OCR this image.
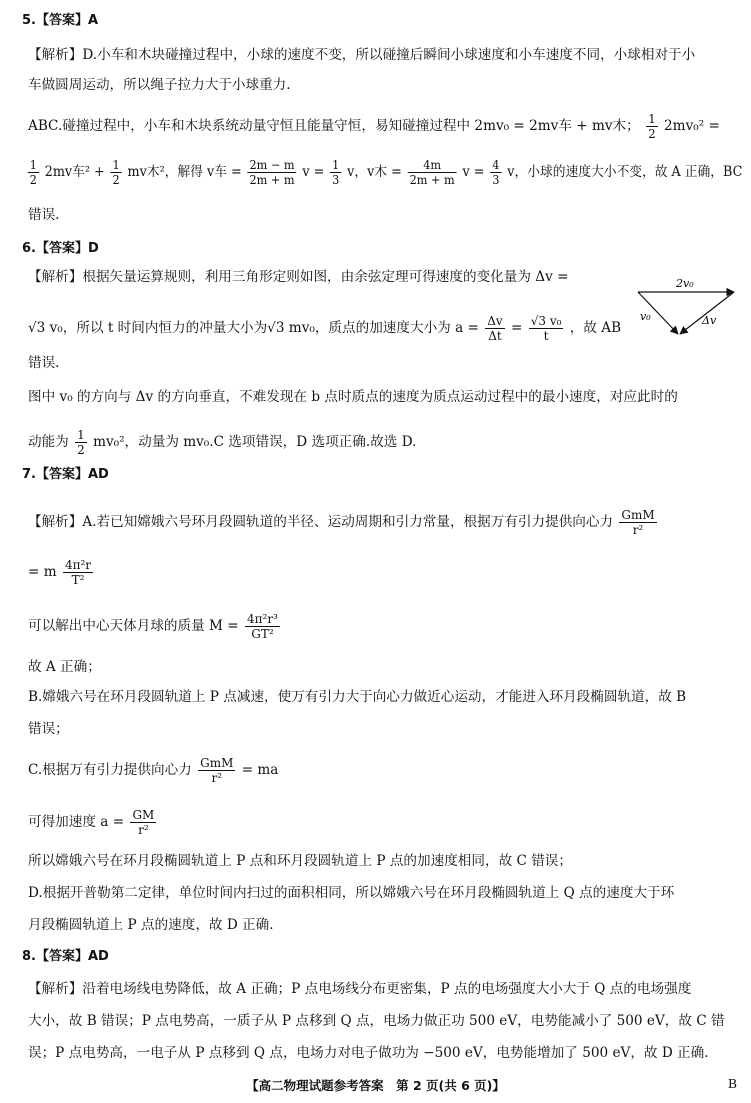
5.【答案】A
【解析】D.小车和木块碰撞过程中，小球的速度不变，所以碰撞后瞬间小球速度和小车速度不同，小球相对于小
车做圆周运动，所以绳子拉力大于小球重力.
ABC.碰撞过程中，小车和木块系统动量守恒且能量守恒，易知碰撞过程中 2mv₀ = 2mv车 + mv木； $\frac{1}{2} 2mv_0^2$ =
$\frac{1}{2} 2mv$车$^2 + \frac{1}{2}$ mv木²，解得 v车 = $\frac{2m - m}{2m + m}$ $v = \frac{1}{3}$ v，v木 = $\frac{4m}{2m + m}$ $v = \frac{4}{3}$ v，小球的速度大小不变，故 A 正确，BC
错误.
6.【答案】D
【解析】根据矢量运算规则，利用三角形定则如图，由余弦定理可得速度的变化量为 Δv =
√3 v₀，所以 t 时间内恒力的冲量大小为√3 mv₀，质点的加速度大小为 $a = \frac{\Delta v}{\Delta t} = \frac{\text{√3 v₀}}{t}$ ，故 AB
错误.
图中 v₀ 的方向与 Δv 的方向垂直，不难发现在 b 点时质点的速度为质点运动过程中的最小速度，对应此时的
动能为 $\frac{1}{2} mv_0^2$，动量为 mv₀.C 选项错误，D 选项正确.故选 D.
2v₀
v₀	Δv
7.【答案】AD
【解析】A.若已知嫦娥六号环月段圆轨道的半径、运动周期和引力常量，根据万有引力提供向心力 $\frac{\text{GmM}}{\text{r²}}$
= m $\frac{\text{4π²r}}{\text{T²}}$
可以解出中心天体月球的质量 $M = \frac{\text{4π²r³}}{\text{GT²}}$
故 A 正确；
B.嫦娥六号在环月段圆轨道上 P 点减速，使万有引力大于向心力做近心运动，才能进入环月段椭圆轨道，故 B
错误；
C.根据万有引力提供向心力 $\frac{\text{GmM}}{\text{r²}}$ = ma
可得加速度 $a = \frac{GM}{\text{r²}}$
所以嫦娥六号在环月段椭圆轨道上 P 点和环月段圆轨道上 P 点的加速度相同，故 C 错误；
D.根据开普勒第二定律，单位时间内扫过的面积相同，所以嫦娥六号在环月段椭圆轨道上 Q 点的速度大于环
月段椭圆轨道上 P 点的速度，故 D 正确.
8.【答案】AD
【解析】沿着电场线电势降低，故 A 正确；P 点电场线分布更密集，P 点的电场强度大小大于 Q 点的电场强度
大小，故 B 错误；P 点电势高，一质子从 P 点移到 Q 点，电场力做正功 500 eV，电势能减小了 500 eV，故 C 错
误；P 点电势高，一电子从 P 点移到 Q 点，电场力对电子做功为 −500 eV，电势能增加了 500 eV，故 D 正确.
【高二物理试题参考答案　第 2 页(共 6 页)】	B
